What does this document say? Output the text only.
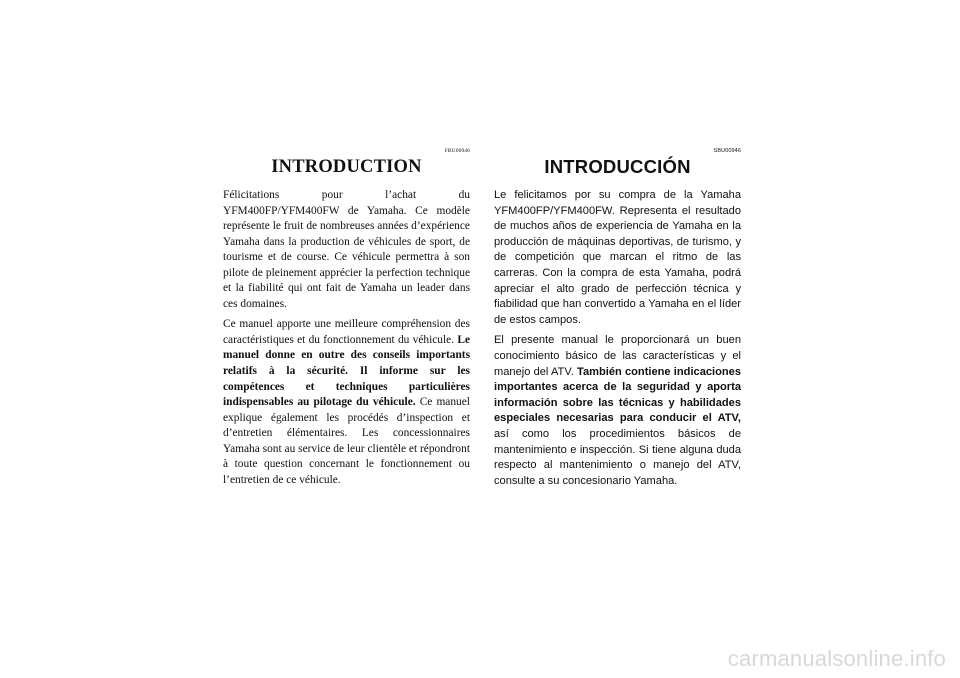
FBU00946
INTRODUCTION

Félicitations pour l’achat du YFM400FP/YFM400FW de Yamaha. Ce modèle représente le fruit de nombreuses années d’expérience Yamaha dans la production de véhicules de sport, de tourisme et de course. Ce véhicule permettra à son pilote de pleinement apprécier la perfection technique et la fiabilité qui ont fait de Yamaha un leader dans ces domaines.

Ce manuel apporte une meilleure compréhension des caractéristiques et du fonctionnement du véhicule. Le manuel donne en outre des conseils importants relatifs à la sécurité. Il informe sur les compétences et techniques particulières indispensables au pilotage du véhicule. Ce manuel explique également les procédés d’inspection et d’entretien élémentaires. Les concessionnaires Yamaha sont au service de leur clientèle et répondront à toute question concernant le fonctionnement ou l’entretien de ce véhicule.

SBU00946
INTRODUCCIÓN

Le felicitamos por su compra de la Yamaha YFM400FP/YFM400FW. Representa el resultado de muchos años de experiencia de Yamaha en la producción de máquinas deportivas, de turismo, y de competición que marcan el ritmo de las carreras. Con la compra de esta Yamaha, podrá apreciar el alto grado de perfección técnica y fiabilidad que han convertido a Yamaha en el líder de estos campos.

El presente manual le proporcionará un buen conocimiento básico de las características y el manejo del ATV. También contiene indicaciones importantes acerca de la seguridad y aporta información sobre las técnicas y habilidades especiales necesarias para conducir el ATV, así como los procedimientos básicos de mantenimiento e inspección. Si tiene alguna duda respecto al mantenimiento o manejo del ATV, consulte a su concesionario Yamaha.

carmanualsonline.info
